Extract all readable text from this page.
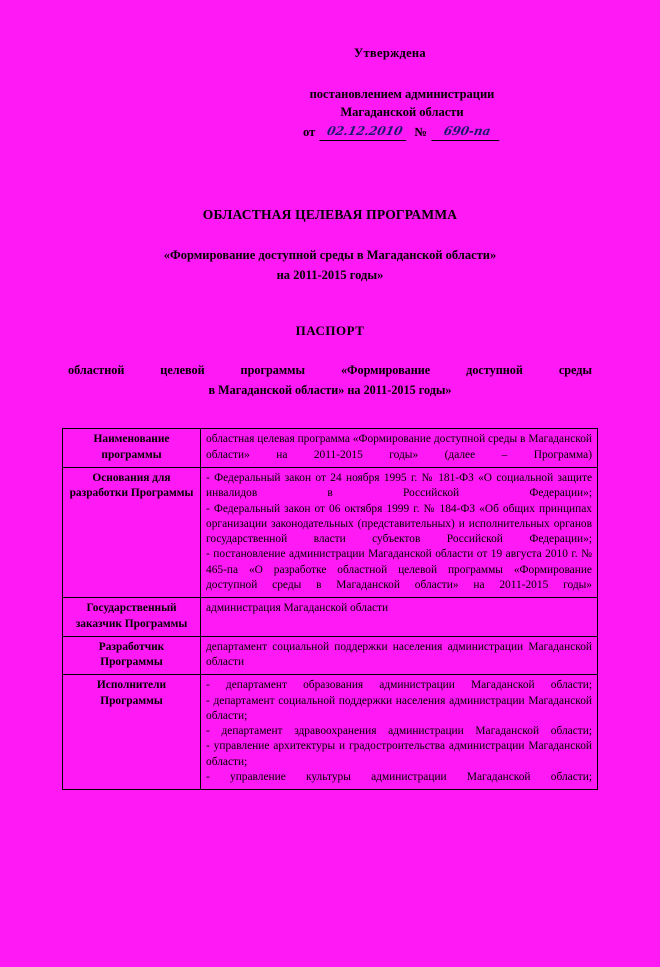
Утверждена
постановлением администрации
Магаданской области
от 02.12.2010 №	690-па
ОБЛАСТНАЯ ЦЕЛЕВАЯ ПРОГРАММА
«Формирование доступной среды в Магаданской области»
на 2011-2015 годы»
ПАСПОРТ
областной целевой программы «Формирование доступной среды
в Магаданской области» на 2011-2015 годы»
Наименование программы	областная целевая программа «Формирование доступной среды в Магаданской области» на 2011-2015 годы» (далее – Программа)

Основания для разработки Программы	- Федеральный закон от 24 ноября 1995 г. № 181-ФЗ «О социальной защите инвалидов в Российской Федерации»;

- Федеральный закон от 06 октября 1999 г. № 184-ФЗ «Об общих принципах организации законодательных (представительных) и исполнительных органов государственной власти субъектов Российской Федерации»;

- постановление администрации Магаданской области от 19 августа 2010 г. № 465-па «О разработке областной целевой программы «Формирование доступной среды в Магаданской области» на 2011-2015 годы»

Государственный заказчик Программы	администрация Магаданской области

Разработчик Программы	департамент социальной поддержки населения администрации Магаданской области

Исполнители Программы	- департамент образования администрации Магаданской области;

- департамент социальной поддержки населения администрации Магаданской области;

- департамент здравоохранения администрации Магаданской области;

- управление архитектуры и градостроительства администрации Магаданской области;

- управление культуры администрации Магаданской области;
